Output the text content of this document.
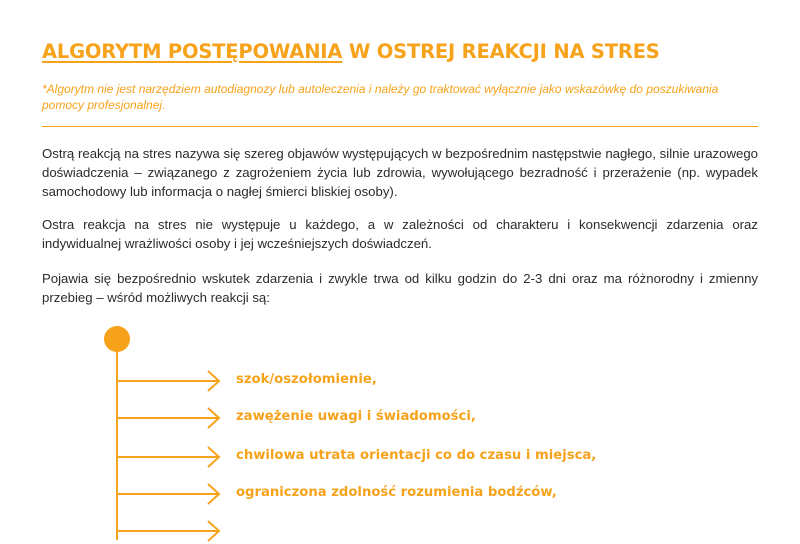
ALGORYTM POSTĘPOWANIA W OSTREJ REAKCJI NA STRES
*Algorytm nie jest narzędziem autodiagnozy lub autoleczenia i należy go traktować wyłącznie jako wskazówkę do poszukiwania pomocy profesjonalnej.
Ostrą reakcją na stres nazywa się szereg objawów występujących w bezpośrednim następstwie nagłego, silnie urazowego doświadczenia – związanego z zagrożeniem życia lub zdrowia, wywołującego bezradność i przerażenie (np. wypadek samochodowy lub informacja o nagłej śmierci bliskiej osoby).
Ostra reakcja na stres nie występuje u każdego, a w zależności od charakteru i konsekwencji zdarzenia oraz indywidualnej wrażliwości osoby i jej wcześniejszych doświadczeń.
Pojawia się bezpośrednio wskutek zdarzenia i zwykle trwa od kilku godzin do 2-3 dni oraz ma różnorodny i zmienny przebieg – wśród możliwych reakcji są:
szok/oszołomienie,
zawężenie uwagi i świadomości,
chwilowa utrata orientacji co do czasu i miejsca,
ograniczona zdolność rozumienia bodźców,
